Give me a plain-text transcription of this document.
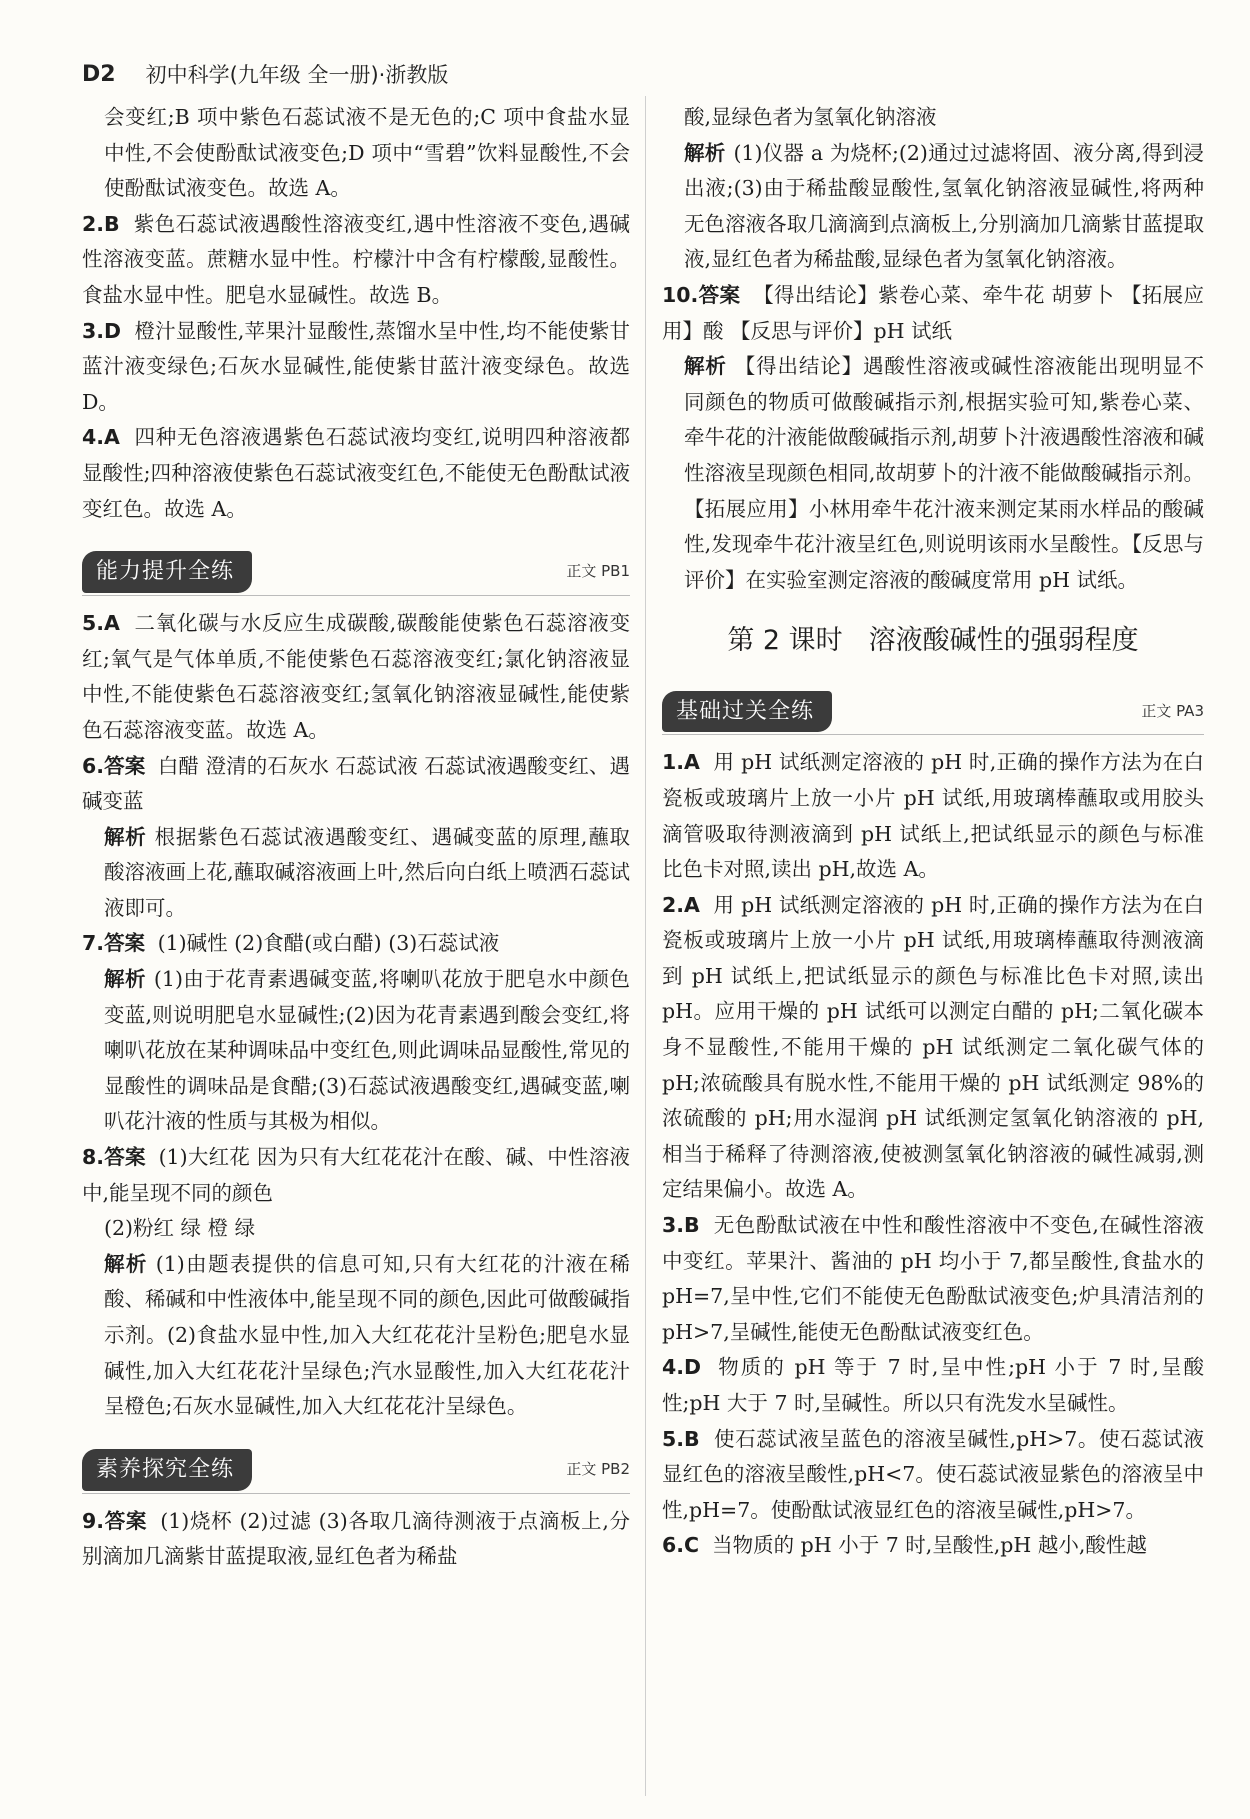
D2 初中科学(九年级 全一册)·浙教版

会变红;B 项中紫色石蕊试液不是无色的;C 项中食盐水显中性,不会使酚酞试液变色;D 项中“雪碧”饮料显酸性,不会使酚酞试液变色。故选 A。

2.B 紫色石蕊试液遇酸性溶液变红,遇中性溶液不变色,遇碱性溶液变蓝。蔗糖水显中性。柠檬汁中含有柠檬酸,显酸性。食盐水显中性。肥皂水显碱性。故选 B。

3.D 橙汁显酸性,苹果汁显酸性,蒸馏水呈中性,均不能使紫甘蓝汁液变绿色;石灰水显碱性,能使紫甘蓝汁液变绿色。故选 D。

4.A 四种无色溶液遇紫色石蕊试液均变红,说明四种溶液都显酸性;四种溶液使紫色石蕊试液变红色,不能使无色酚酞试液变红色。故选 A。

能力提升全练	正文 PB1

5.A 二氧化碳与水反应生成碳酸,碳酸能使紫色石蕊溶液变红;氧气是气体单质,不能使紫色石蕊溶液变红;氯化钠溶液显中性,不能使紫色石蕊溶液变红;氢氧化钠溶液显碱性,能使紫色石蕊溶液变蓝。故选 A。

6.答案 白醋 澄清的石灰水 石蕊试液 石蕊试液遇酸变红、遇碱变蓝

解析 根据紫色石蕊试液遇酸变红、遇碱变蓝的原理,蘸取酸溶液画上花,蘸取碱溶液画上叶,然后向白纸上喷洒石蕊试液即可。

7.答案 (1)碱性 (2)食醋(或白醋) (3)石蕊试液

解析 (1)由于花青素遇碱变蓝,将喇叭花放于肥皂水中颜色变蓝,则说明肥皂水显碱性;(2)因为花青素遇到酸会变红,将喇叭花放在某种调味品中变红色,则此调味品显酸性,常见的显酸性的调味品是食醋;(3)石蕊试液遇酸变红,遇碱变蓝,喇叭花汁液的性质与其极为相似。

8.答案 (1)大红花 因为只有大红花花汁在酸、碱、中性溶液中,能呈现不同的颜色

(2)粉红 绿 橙 绿

解析 (1)由题表提供的信息可知,只有大红花的汁液在稀酸、稀碱和中性液体中,能呈现不同的颜色,因此可做酸碱指示剂。(2)食盐水显中性,加入大红花花汁呈粉色;肥皂水显碱性,加入大红花花汁呈绿色;汽水显酸性,加入大红花花汁呈橙色;石灰水显碱性,加入大红花花汁呈绿色。

素养探究全练	正文 PB2

9.答案 (1)烧杯 (2)过滤 (3)各取几滴待测液于点滴板上,分别滴加几滴紫甘蓝提取液,显红色者为稀盐

酸,显绿色者为氢氧化钠溶液

解析 (1)仪器 a 为烧杯;(2)通过过滤将固、液分离,得到浸出液;(3)由于稀盐酸显酸性,氢氧化钠溶液显碱性,将两种无色溶液各取几滴滴到点滴板上,分别滴加几滴紫甘蓝提取液,显红色者为稀盐酸,显绿色者为氢氧化钠溶液。

10.答案 【得出结论】紫卷心菜、牵牛花 胡萝卜 【拓展应用】酸 【反思与评价】pH 试纸

解析 【得出结论】遇酸性溶液或碱性溶液能出现明显不同颜色的物质可做酸碱指示剂,根据实验可知,紫卷心菜、牵牛花的汁液能做酸碱指示剂,胡萝卜汁液遇酸性溶液和碱性溶液呈现颜色相同,故胡萝卜的汁液不能做酸碱指示剂。【拓展应用】小林用牵牛花汁液来测定某雨水样品的酸碱性,发现牵牛花汁液呈红色,则说明该雨水呈酸性。【反思与评价】在实验室测定溶液的酸碱度常用 pH 试纸。

第 2 课时 溶液酸碱性的强弱程度
基础过关全练	正文 PA3

1.A 用 pH 试纸测定溶液的 pH 时,正确的操作方法为在白瓷板或玻璃片上放一小片 pH 试纸,用玻璃棒蘸取或用胶头滴管吸取待测液滴到 pH 试纸上,把试纸显示的颜色与标准比色卡对照,读出 pH,故选 A。

2.A 用 pH 试纸测定溶液的 pH 时,正确的操作方法为在白瓷板或玻璃片上放一小片 pH 试纸,用玻璃棒蘸取待测液滴到 pH 试纸上,把试纸显示的颜色与标准比色卡对照,读出 pH。应用干燥的 pH 试纸可以测定白醋的 pH;二氧化碳本身不显酸性,不能用干燥的 pH 试纸测定二氧化碳气体的 pH;浓硫酸具有脱水性,不能用干燥的 pH 试纸测定 98%的浓硫酸的 pH;用水湿润 pH 试纸测定氢氧化钠溶液的 pH,相当于稀释了待测溶液,使被测氢氧化钠溶液的碱性减弱,测定结果偏小。故选 A。

3.B 无色酚酞试液在中性和酸性溶液中不变色,在碱性溶液中变红。苹果汁、酱油的 pH 均小于 7,都呈酸性,食盐水的 pH=7,呈中性,它们不能使无色酚酞试液变色;炉具清洁剂的 pH>7,呈碱性,能使无色酚酞试液变红色。

4.D 物质的 pH 等于 7 时,呈中性;pH 小于 7 时,呈酸性;pH 大于 7 时,呈碱性。所以只有洗发水呈碱性。

5.B 使石蕊试液呈蓝色的溶液呈碱性,pH>7。使石蕊试液显红色的溶液呈酸性,pH<7。使石蕊试液显紫色的溶液呈中性,pH=7。使酚酞试液显红色的溶液呈碱性,pH>7。

6.C 当物质的 pH 小于 7 时,呈酸性,pH 越小,酸性越
